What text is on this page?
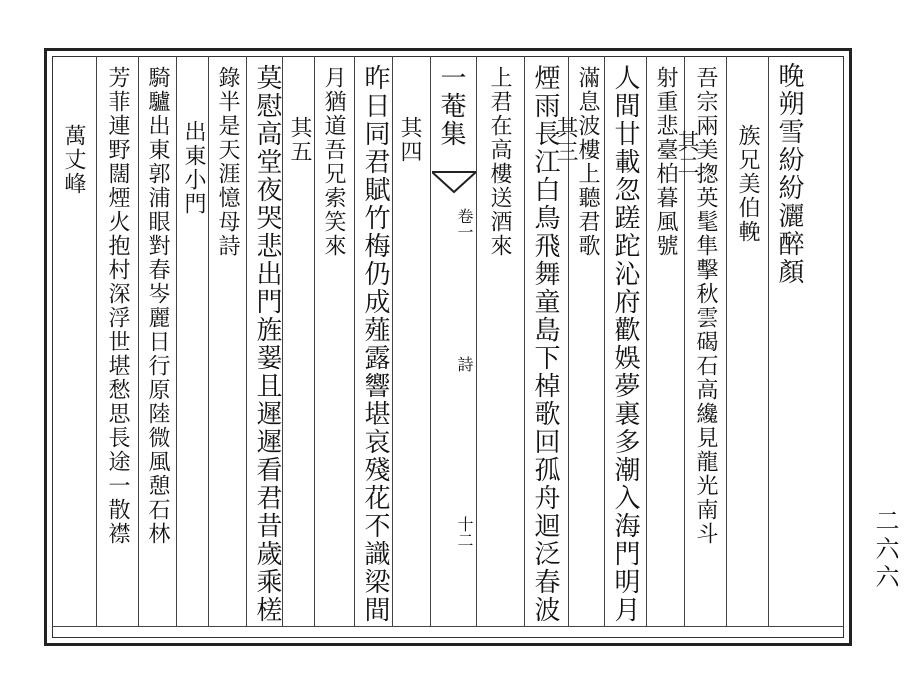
晚朔雪紛紛灑醉顏
族兄美伯輓
吾宗兩美揔英髦隼擊秋雲碣石高纔見龍光南斗
射重悲臺柏暮風號
其二
人間廿載忽蹉跎沁府歡娛夢裏多潮入海門明月
滿息波樓上聽君歌
其三
煙雨長江白鳥飛舞童島下棹歌回孤舟迴泛春波
上君在高樓送酒來
一菴集
卷一
詩
十二
其四
昨日同君賦竹梅仍成薤露響堪哀殘花不識梁間
月猶道吾兄索笑來
其五
莫慰高堂夜哭悲出門旌翣且遲遲看君昔歲乘槎
錄半是天涯憶母詩
出東小門
騎驢出東郭浦眼對春岑麗日行原陸微風憩石林
芳菲連野闊煙火抱村深浮世堪愁思長途一散襟
萬丈峰
二六六
